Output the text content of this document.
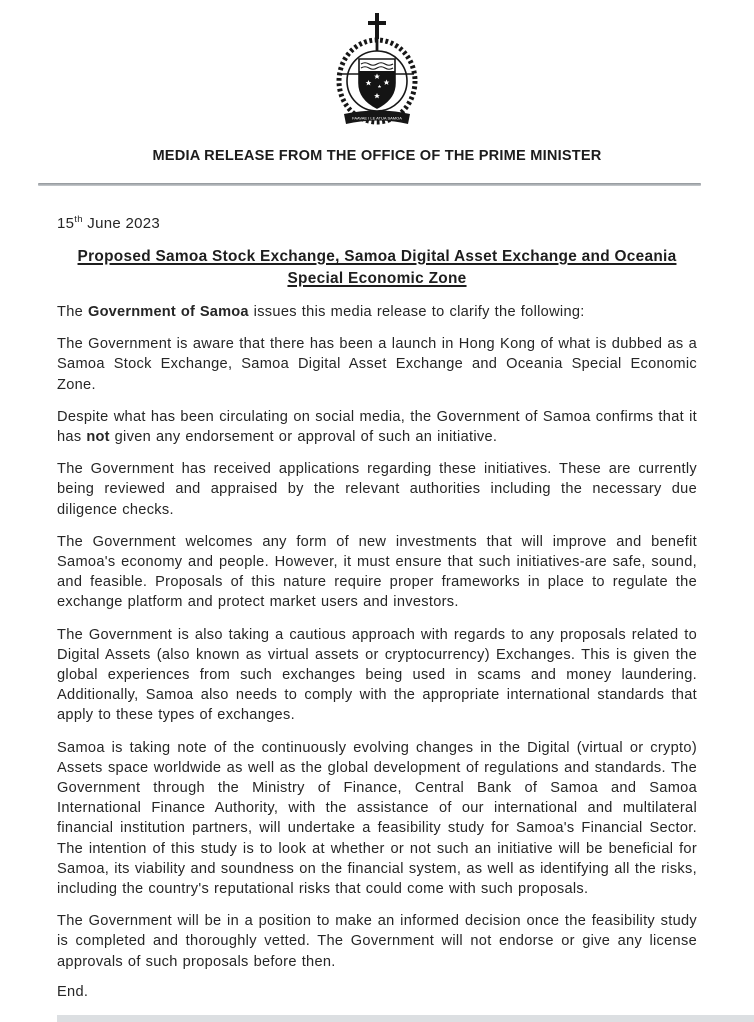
FAAVAE I LE ATUA SAMOA
MEDIA RELEASE FROM THE OFFICE OF THE PRIME MINISTER
15th June 2023
Proposed Samoa Stock Exchange, Samoa Digital Asset Exchange and Oceania Special Economic Zone

The Government of Samoa issues this media release to clarify the following:

The Government is aware that there has been a launch in Hong Kong of what is dubbed as a Samoa Stock Exchange, Samoa Digital Asset Exchange and Oceania Special Economic Zone.

Despite what has been circulating on social media, the Government of Samoa confirms that it has not given any endorsement or approval of such an initiative.

The Government has received applications regarding these initiatives. These are currently being reviewed and appraised by the relevant authorities including the necessary due diligence checks.

The Government welcomes any form of new investments that will improve and benefit Samoa's economy and people. However, it must ensure that such initiatives-are safe, sound, and feasible. Proposals of this nature require proper frameworks in place to regulate the exchange platform and protect market users and investors.

The Government is also taking a cautious approach with regards to any proposals related to Digital Assets (also known as virtual assets or cryptocurrency) Exchanges. This is given the global experiences from such exchanges being used in scams and money laundering. Additionally, Samoa also needs to comply with the appropriate international standards that apply to these types of exchanges.

Samoa is taking note of the continuously evolving changes in the Digital (virtual or crypto) Assets space worldwide as well as the global development of regulations and standards. The Government through the Ministry of Finance, Central Bank of Samoa and Samoa International Finance Authority, with the assistance of our international and multilateral financial institution partners, will undertake a feasibility study for Samoa's Financial Sector. The intention of this study is to look at whether or not such an initiative will be beneficial for Samoa, its viability and soundness on the financial system, as well as identifying all the risks, including the country's reputational risks that could come with such proposals.

The Government will be in a position to make an informed decision once the feasibility study is completed and thoroughly vetted. The Government will not endorse or give any license approvals of such proposals before then.

End.
